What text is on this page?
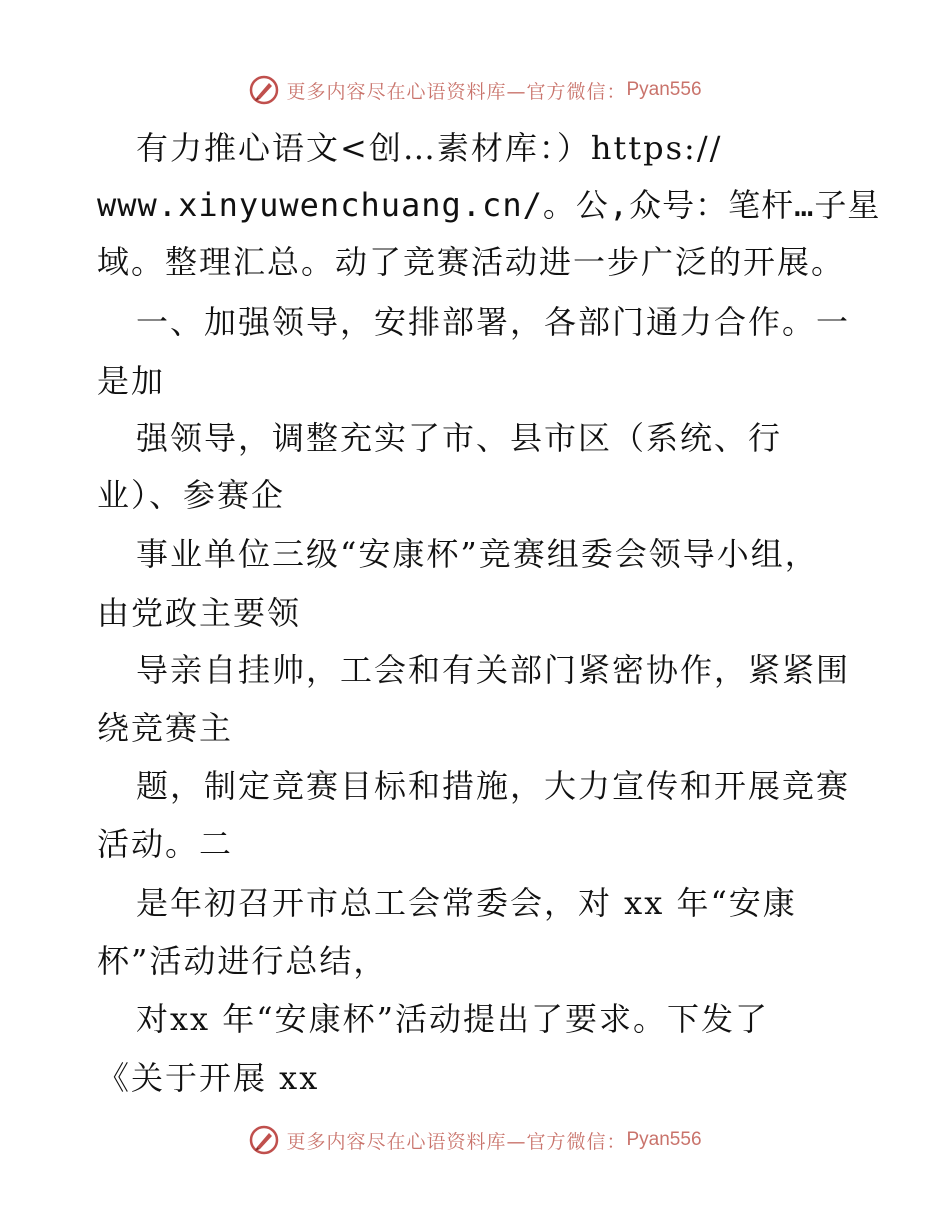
更多内容尽在心语资料库—官方微信： Pyan556
有力推心语文<创…素材库：）https://
www.xinyuwenchuang.cn/。公,众号：笔杆…子星
域。整理汇总。动了竞赛活动进一步广泛的开展。
一、加强领导，安排部署，各部门通力合作。一
是加
强领导，调整充实了市、县市区（系统、行
业）、参赛企
事业单位三级“安康杯”竞赛组委会领导小组，
由党政主要领
导亲自挂帅，工会和有关部门紧密协作，紧紧围
绕竞赛主
题，制定竞赛目标和措施，大力宣传和开展竞赛
活动。二
是年初召开市总工会常委会，对 xx 年“安康
杯”活动进行总结，
对xx 年“安康杯”活动提出了要求。下发了
《关于开展 xx
更多内容尽在心语资料库—官方微信： Pyan556
